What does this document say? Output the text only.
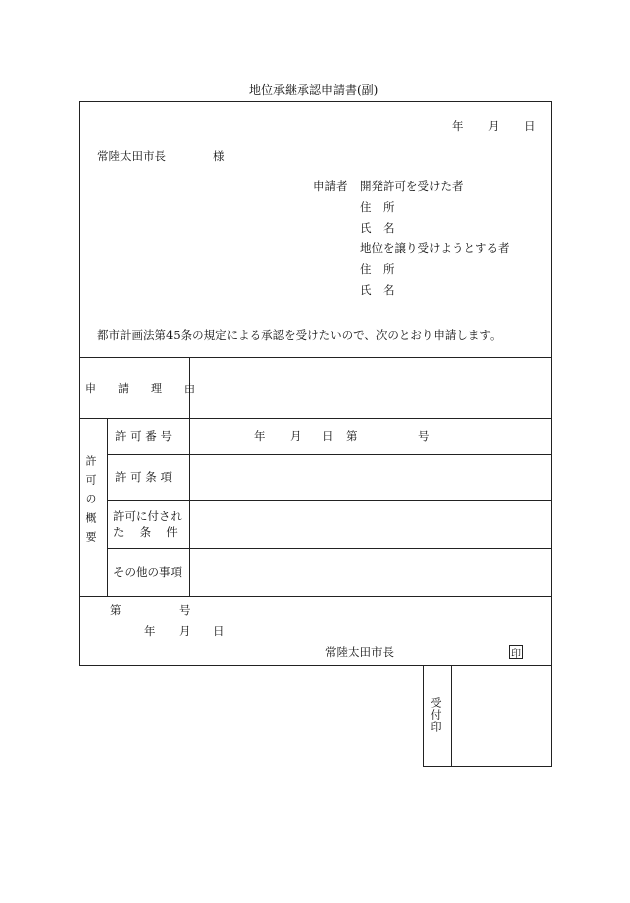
地位承継承認申請書(副)
年 月 日
常陸太田市長	様
申請者 開発許可を受けた者
住　所
氏　名
地位を譲り受けようとする者
住　所
氏　名
都市計画法第45条の規定による承認を受けたいので、次のとおり申請します。
申　　請　　理　　由
許可の概要
許 可 番 号	年 月 日 第	号
許 可 条 項
許可に付され
た　 条　 件
その他の事項
第	号
年 月 日
常陸太田市長	印
受付印
